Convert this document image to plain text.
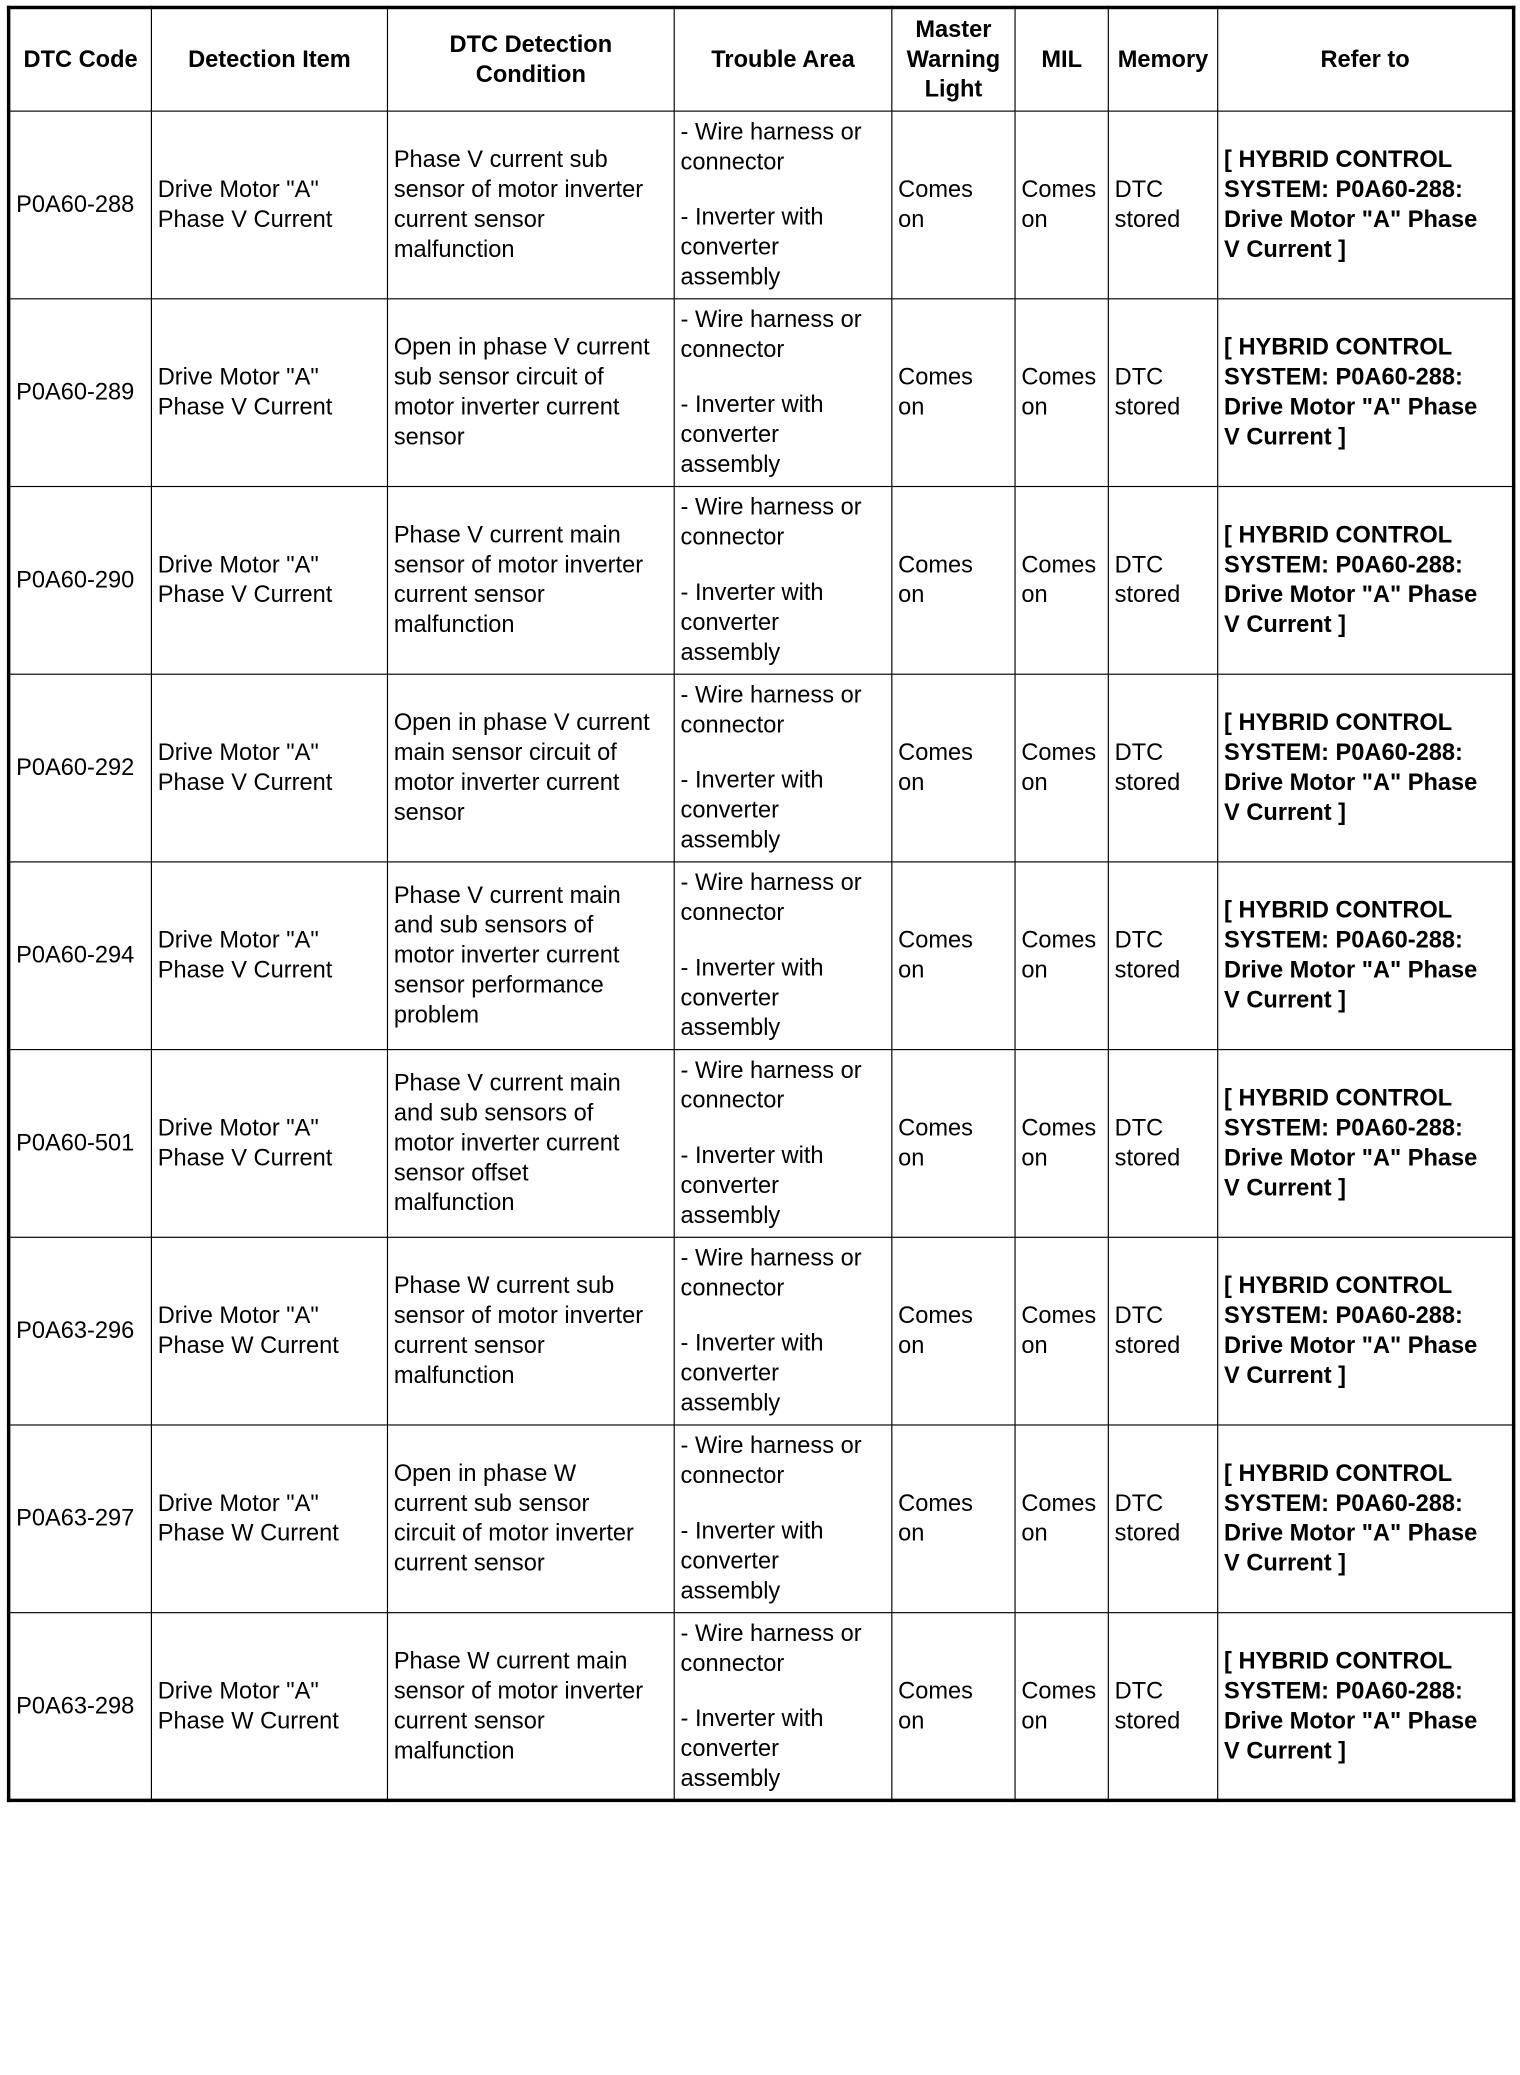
DTC Code	Detection Item	DTC Detection
Condition	Trouble Area	Master
Warning
Light	MIL	Memory	Refer to

P0A60-288	Drive Motor "A"
Phase V Current	Phase V current sub
sensor of motor inverter
current sensor
malfunction	- Wire harness or
connector
- Inverter with
converter
assembly	Comes
on	Comes
on	DTC
stored	[ HYBRID CONTROL
SYSTEM: P0A60-288:
Drive Motor "A" Phase
V Current ]

P0A60-289	Drive Motor "A"
Phase V Current	Open in phase V current
sub sensor circuit of
motor inverter current
sensor	- Wire harness or
connector
- Inverter with
converter
assembly	Comes
on	Comes
on	DTC
stored	[ HYBRID CONTROL
SYSTEM: P0A60-288:
Drive Motor "A" Phase
V Current ]

P0A60-290	Drive Motor "A"
Phase V Current	Phase V current main
sensor of motor inverter
current sensor
malfunction	- Wire harness or
connector
- Inverter with
converter
assembly	Comes
on	Comes
on	DTC
stored	[ HYBRID CONTROL
SYSTEM: P0A60-288:
Drive Motor "A" Phase
V Current ]

P0A60-292	Drive Motor "A"
Phase V Current	Open in phase V current
main sensor circuit of
motor inverter current
sensor	- Wire harness or
connector
- Inverter with
converter
assembly	Comes
on	Comes
on	DTC
stored	[ HYBRID CONTROL
SYSTEM: P0A60-288:
Drive Motor "A" Phase
V Current ]

P0A60-294	Drive Motor "A"
Phase V Current	Phase V current main
and sub sensors of
motor inverter current
sensor performance
problem	- Wire harness or
connector
- Inverter with
converter
assembly	Comes
on	Comes
on	DTC
stored	[ HYBRID CONTROL
SYSTEM: P0A60-288:
Drive Motor "A" Phase
V Current ]

P0A60-501	Drive Motor "A"
Phase V Current	Phase V current main
and sub sensors of
motor inverter current
sensor offset
malfunction	- Wire harness or
connector
- Inverter with
converter
assembly	Comes
on	Comes
on	DTC
stored	[ HYBRID CONTROL
SYSTEM: P0A60-288:
Drive Motor "A" Phase
V Current ]

P0A63-296	Drive Motor "A"
Phase W Current	Phase W current sub
sensor of motor inverter
current sensor
malfunction	- Wire harness or
connector
- Inverter with
converter
assembly	Comes
on	Comes
on	DTC
stored	[ HYBRID CONTROL
SYSTEM: P0A60-288:
Drive Motor "A" Phase
V Current ]

P0A63-297	Drive Motor "A"
Phase W Current	Open in phase W
current sub sensor
circuit of motor inverter
current sensor	- Wire harness or
connector
- Inverter with
converter
assembly	Comes
on	Comes
on	DTC
stored	[ HYBRID CONTROL
SYSTEM: P0A60-288:
Drive Motor "A" Phase
V Current ]

P0A63-298	Drive Motor "A"
Phase W Current	Phase W current main
sensor of motor inverter
current sensor
malfunction	- Wire harness or
connector
- Inverter with
converter
assembly	Comes
on	Comes
on	DTC
stored	[ HYBRID CONTROL
SYSTEM: P0A60-288:
Drive Motor "A" Phase
V Current ]
